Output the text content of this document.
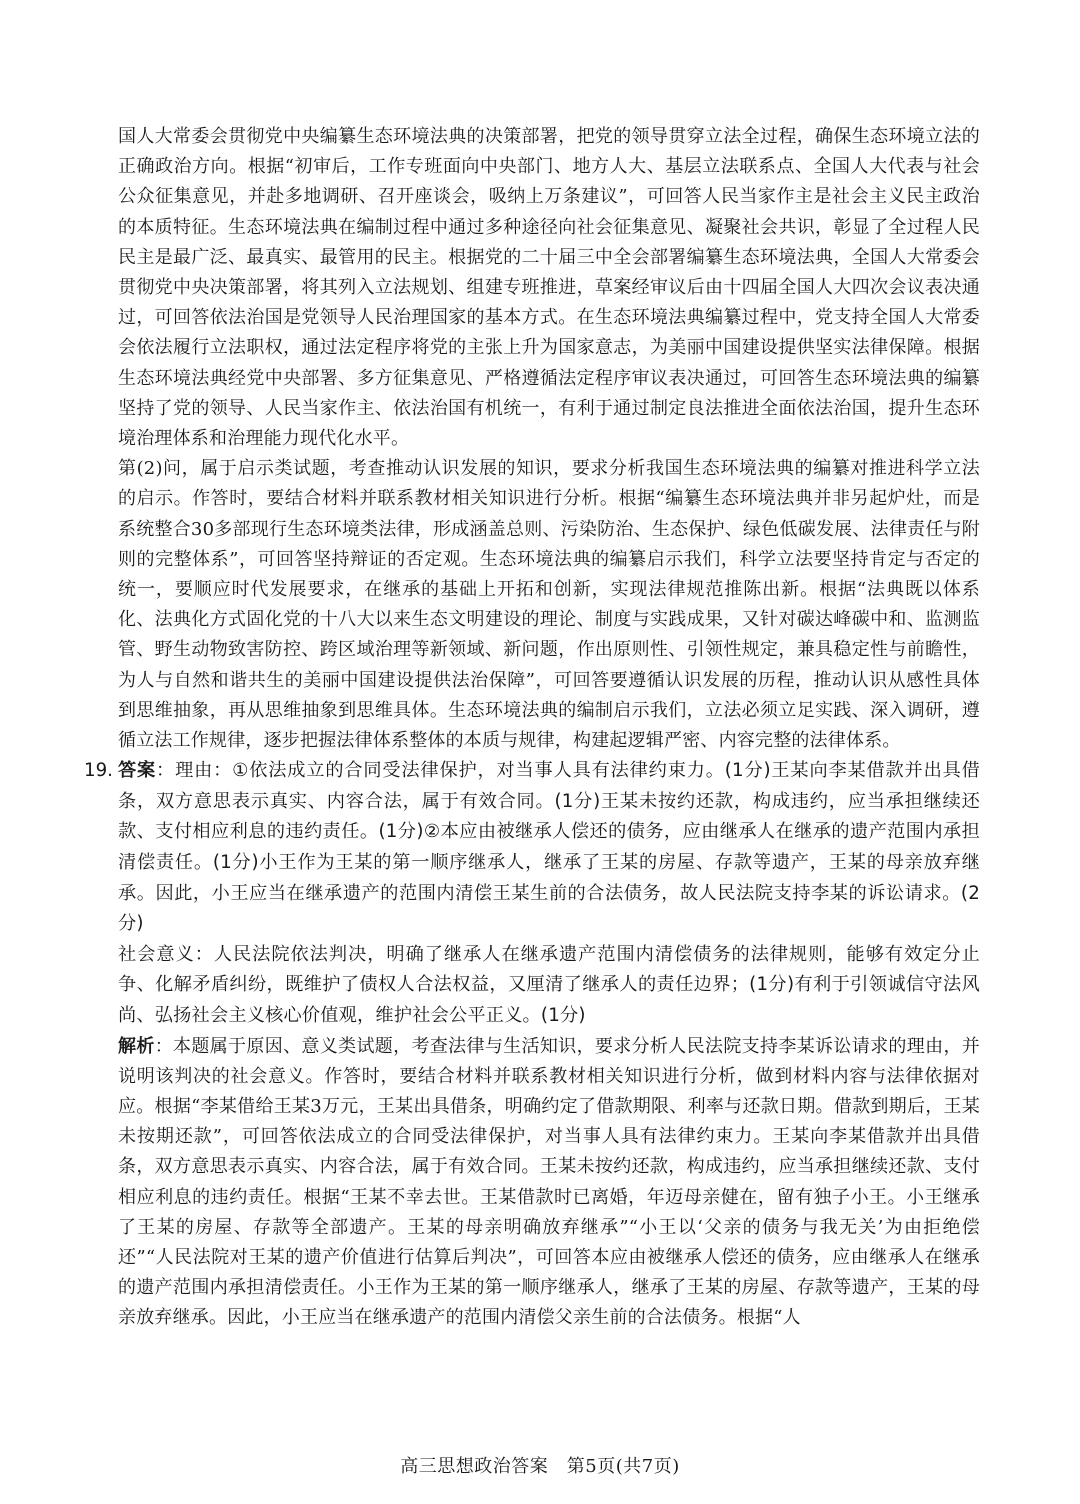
国人大常委会贯彻党中央编纂生态环境法典的决策部署，把党的领导贯穿立法全过程，确保生态环境立法的正确政治方向。根据“初审后，工作专班面向中央部门、地方人大、基层立法联系点、全国人大代表与社会公众征集意见，并赴多地调研、召开座谈会，吸纳上万条建议”，可回答人民当家作主是社会主义民主政治的本质特征。生态环境法典在编制过程中通过多种途径向社会征集意见、凝聚社会共识，彰显了全过程人民民主是最广泛、最真实、最管用的民主。根据党的二十届三中全会部署编纂生态环境法典，全国人大常委会贯彻党中央决策部署，将其列入立法规划、组建专班推进，草案经审议后由十四届全国人大四次会议表决通过，可回答依法治国是党领导人民治理国家的基本方式。在生态环境法典编纂过程中，党支持全国人大常委会依法履行立法职权，通过法定程序将党的主张上升为国家意志，为美丽中国建设提供坚实法律保障。根据生态环境法典经党中央部署、多方征集意见、严格遵循法定程序审议表决通过，可回答生态环境法典的编纂坚持了党的领导、人民当家作主、依法治国有机统一，有利于通过制定良法推进全面依法治国，提升生态环境治理体系和治理能力现代化水平。

第(2)问，属于启示类试题，考查推动认识发展的知识，要求分析我国生态环境法典的编纂对推进科学立法的启示。作答时，要结合材料并联系教材相关知识进行分析。根据“编纂生态环境法典并非另起炉灶，而是系统整合30多部现行生态环境类法律，形成涵盖总则、污染防治、生态保护、绿色低碳发展、法律责任与附则的完整体系”，可回答坚持辩证的否定观。生态环境法典的编纂启示我们，科学立法要坚持肯定与否定的统一，要顺应时代发展要求，在继承的基础上开拓和创新，实现法律规范推陈出新。根据“法典既以体系化、法典化方式固化党的十八大以来生态文明建设的理论、制度与实践成果，又针对碳达峰碳中和、监测监管、野生动物致害防控、跨区域治理等新领域、新问题，作出原则性、引领性规定，兼具稳定性与前瞻性，为人与自然和谐共生的美丽中国建设提供法治保障”，可回答要遵循认识发展的历程，推动认识从感性具体到思维抽象，再从思维抽象到思维具体。生态环境法典的编制启示我们，立法必须立足实践、深入调研，遵循立法工作规律，逐步把握法律体系整体的本质与规律，构建起逻辑严密、内容完整的法律体系。

19. 答案：理由：①依法成立的合同受法律保护，对当事人具有法律约束力。(1分)王某向李某借款并出具借条，双方意思表示真实、内容合法，属于有效合同。(1分)王某未按约还款，构成违约，应当承担继续还款、支付相应利息的违约责任。(1分)②本应由被继承人偿还的债务，应由继承人在继承的遗产范围内承担清偿责任。(1分)小王作为王某的第一顺序继承人，继承了王某的房屋、存款等遗产，王某的母亲放弃继承。因此，小王应当在继承遗产的范围内清偿王某生前的合法债务，故人民法院支持李某的诉讼请求。(2分)

社会意义：人民法院依法判决，明确了继承人在继承遗产范围内清偿债务的法律规则，能够有效定分止争、化解矛盾纠纷，既维护了债权人合法权益，又厘清了继承人的责任边界；(1分)有利于引领诚信守法风尚、弘扬社会主义核心价值观，维护社会公平正义。(1分)

解析：本题属于原因、意义类试题，考查法律与生活知识，要求分析人民法院支持李某诉讼请求的理由，并说明该判决的社会意义。作答时，要结合材料并联系教材相关知识进行分析，做到材料内容与法律依据对应。根据“李某借给王某3万元，王某出具借条，明确约定了借款期限、利率与还款日期。借款到期后，王某未按期还款”，可回答依法成立的合同受法律保护，对当事人具有法律约束力。王某向李某借款并出具借条，双方意思表示真实、内容合法，属于有效合同。王某未按约还款，构成违约，应当承担继续还款、支付相应利息的违约责任。根据“王某不幸去世。王某借款时已离婚，年迈母亲健在，留有独子小王。小王继承了王某的房屋、存款等全部遗产。王某的母亲明确放弃继承”“小王以‘父亲的债务与我无关’为由拒绝偿还”“人民法院对王某的遗产价值进行估算后判决”，可回答本应由被继承人偿还的债务，应由继承人在继承的遗产范围内承担清偿责任。小王作为王某的第一顺序继承人，继承了王某的房屋、存款等遗产，王某的母亲放弃继承。因此，小王应当在继承遗产的范围内清偿父亲生前的合法债务。根据“人

高三思想政治答案　第5页(共7页)
